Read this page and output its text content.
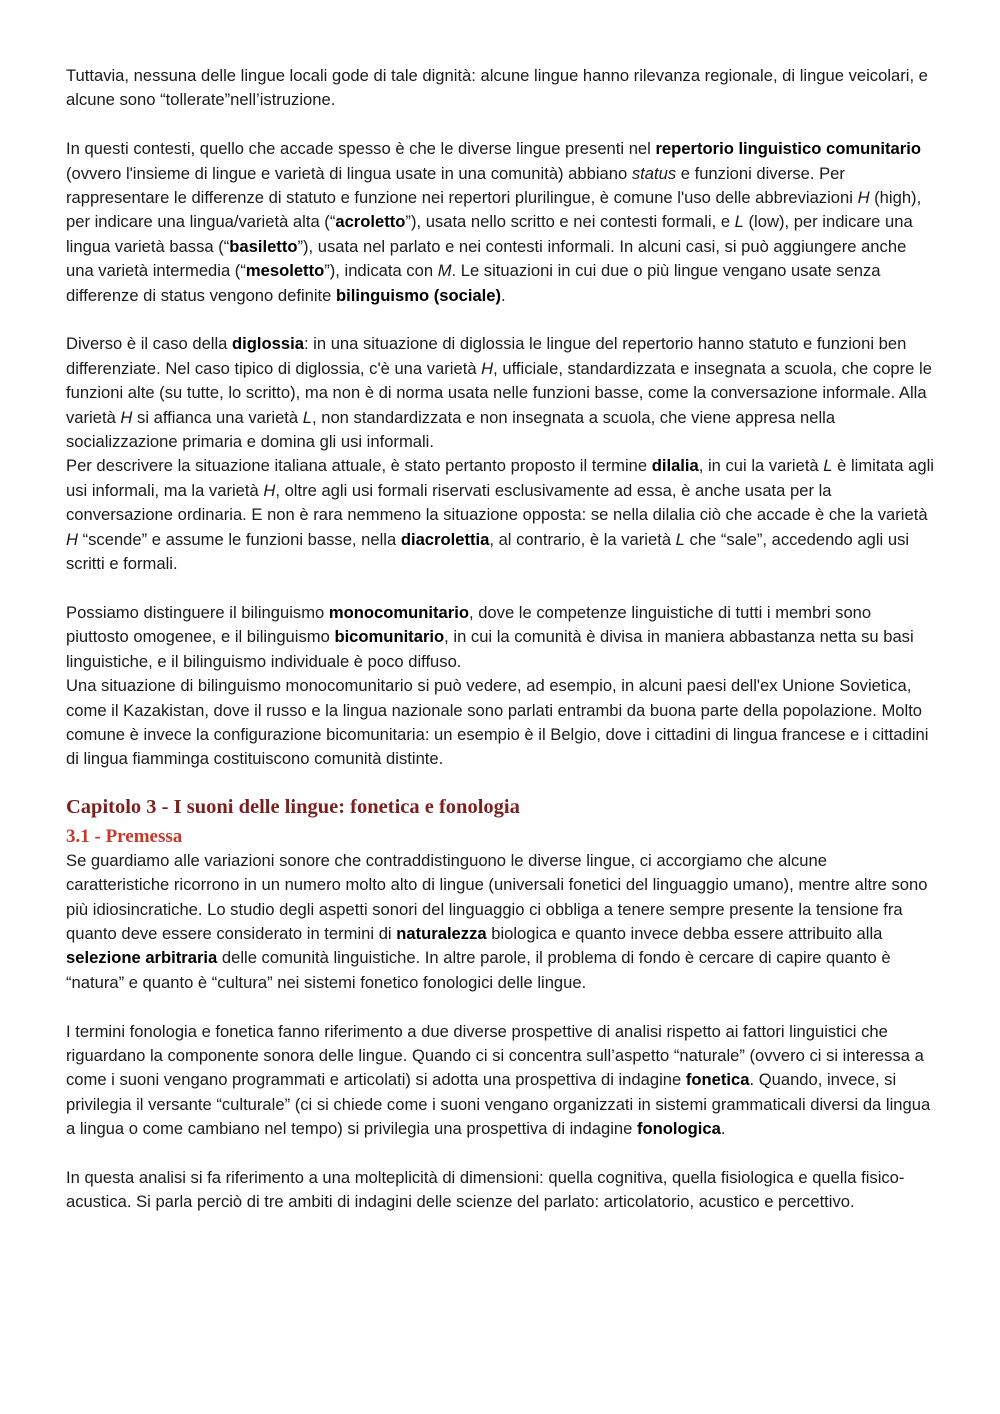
Tuttavia, nessuna delle lingue locali gode di tale dignità: alcune lingue hanno rilevanza regionale, di lingue veicolari, e alcune sono “tollerate”nell’istruzione.

In questi contesti, quello che accade spesso è che le diverse lingue presenti nel repertorio linguistico comunitario (ovvero l'insieme di lingue e varietà di lingua usate in una comunità) abbiano status e funzioni diverse. Per rappresentare le differenze di statuto e funzione nei repertori plurilingue, è comune l'uso delle abbreviazioni H (high), per indicare una lingua/varietà alta (“acroletto”), usata nello scritto e nei contesti formali, e L (low), per indicare una lingua varietà bassa (“basiletto”), usata nel parlato e nei contesti informali. In alcuni casi, si può aggiungere anche una varietà intermedia (“mesoletto”), indicata con M. Le situazioni in cui due o più lingue vengano usate senza differenze di status vengono definite bilinguismo (sociale).

Diverso è il caso della diglossia: in una situazione di diglossia le lingue del repertorio hanno statuto e funzioni ben differenziate. Nel caso tipico di diglossia, c'è una varietà H, ufficiale, standardizzata e insegnata a scuola, che copre le funzioni alte (su tutte, lo scritto), ma non è di norma usata nelle funzioni basse, come la conversazione informale. Alla varietà H si affianca una varietà L, non standardizzata e non insegnata a scuola, che viene appresa nella socializzazione primaria e domina gli usi informali.

Per descrivere la situazione italiana attuale, è stato pertanto proposto il termine dilalia, in cui la varietà L è limitata agli usi informali, ma la varietà H, oltre agli usi formali riservati esclusivamente ad essa, è anche usata per la conversazione ordinaria. E non è rara nemmeno la situazione opposta: se nella dilalia ciò che accade è che la varietà H “scende” e assume le funzioni basse, nella diacrolettia, al contrario, è la varietà L che “sale”, accedendo agli usi scritti e formali.

Possiamo distinguere il bilinguismo monocomunitario, dove le competenze linguistiche di tutti i membri sono piuttosto omogenee, e il bilinguismo bicomunitario, in cui la comunità è divisa in maniera abbastanza netta su basi linguistiche, e il bilinguismo individuale è poco diffuso.

Una situazione di bilinguismo monocomunitario si può vedere, ad esempio, in alcuni paesi dell'ex Unione Sovietica, come il Kazakistan, dove il russo e la lingua nazionale sono parlati entrambi da buona parte della popolazione. Molto comune è invece la configurazione bicomunitaria: un esempio è il Belgio, dove i cittadini di lingua francese e i cittadini di lingua fiamminga costituiscono comunità distinte.

Capitolo 3 - I suoni delle lingue: fonetica e fonologia
3.1 - Premessa

Se guardiamo alle variazioni sonore che contraddistinguono le diverse lingue, ci accorgiamo che alcune caratteristiche ricorrono in un numero molto alto di lingue (universali fonetici del linguaggio umano), mentre altre sono più idiosincratiche. Lo studio degli aspetti sonori del linguaggio ci obbliga a tenere sempre presente la tensione fra quanto deve essere considerato in termini di naturalezza biologica e quanto invece debba essere attribuito alla selezione arbitraria delle comunità linguistiche. In altre parole, il problema di fondo è cercare di capire quanto è “natura” e quanto è “cultura” nei sistemi fonetico fonologici delle lingue.

I termini fonologia e fonetica fanno riferimento a due diverse prospettive di analisi rispetto ai fattori linguistici che riguardano la componente sonora delle lingue. Quando ci si concentra sull’aspetto “naturale” (ovvero ci si interessa a come i suoni vengano programmati e articolati) si adotta una prospettiva di indagine fonetica. Quando, invece, si privilegia il versante “culturale” (ci si chiede come i suoni vengano organizzati in sistemi grammaticali diversi da lingua a lingua o come cambiano nel tempo) si privilegia una prospettiva di indagine fonologica.

In questa analisi si fa riferimento a una molteplicità di dimensioni: quella cognitiva, quella fisiologica e quella fisico-acustica. Si parla perciò di tre ambiti di indagini delle scienze del parlato: articolatorio, acustico e percettivo.
